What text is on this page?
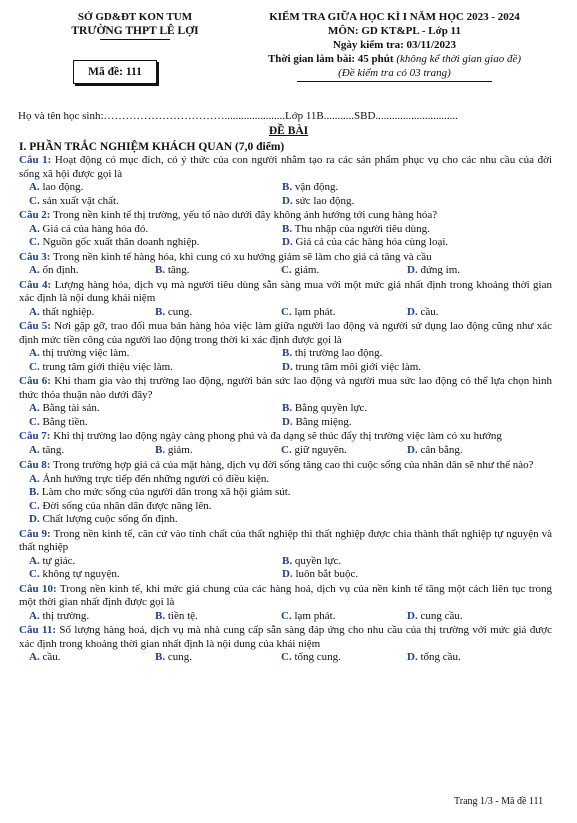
SỞ GD&ĐT KON TUM
TRƯỜNG THPT LÊ LỢI
Mã đề: 111
KIỂM TRA GIỮA HỌC KÌ I NĂM HỌC 2023 - 2024
MÔN: GD KT&PL - Lớp 11
Ngày kiểm tra: 03/11/2023
Thời gian làm bài: 45 phút (không kể thời gian giao đề)
(Đề kiểm tra có 03 trang)
Họ và tên học sinh:……………………………......................Lớp 11B...........SBD..............................
ĐỀ BÀI
I. PHẦN TRẮC NGHIỆM KHÁCH QUAN (7,0 điểm)
Câu 1: Hoạt động có mục đích, có ý thức của con người nhằm tạo ra các sản phẩm phục vụ cho các nhu cầu của đời sống xã hội được gọi là
A. lao động.	B. vận động.
C. sản xuất vật chất.	D. sức lao động.
Câu 2: Trong nền kinh tế thị trường, yếu tố nào dưới đây không ảnh hưởng tới cung hàng hóa?
A. Giá cả của hàng hóa đó.	B. Thu nhập của người tiêu dùng.
C. Nguồn gốc xuất thân doanh nghiệp.	D. Giá cả của các hàng hóa cùng loại.
Câu 3: Trong nền kinh tế hàng hóa, khi cung có xu hướng giảm sẽ làm cho giá cả tăng và cầu
A. ổn định.	B. tăng.	C. giảm.	D. đứng im.
Câu 4: Lượng hàng hóa, dịch vụ mà người tiêu dùng sẵn sàng mua với một mức giá nhất định trong khoảng thời gian xác định là nội dung khái niệm
A. thất nghiệp.	B. cung.	C. lạm phát.	D. cầu.
Câu 5: Nơi gặp gỡ, trao đổi mua bán hàng hóa việc làm giữa người lao động và người sử dụng lao động cũng như xác định mức tiền công của người lao động trong thời kì xác định được gọi là
A. thị trường việc làm.	B. thị trường lao động.
C. trung tâm giới thiệu việc làm.	D. trung tâm môi giới việc làm.
Câu 6: Khi tham gia vào thị trường lao động, người bán sức lao động và người mua sức lao động có thể lựa chọn hình thức thỏa thuận nào dưới đây?
A. Bằng tài sản.	B. Bằng quyền lực.
C. Bằng tiền.	D. Bằng miệng.
Câu 7: Khi thị trường lao động ngày càng phong phú và đa dạng sẽ thúc đẩy thị trường việc làm có xu hướng
A. tăng.	B. giảm.	C. giữ nguyên.	D. cân bằng.
Câu 8: Trong trường hợp giá cả của mặt hàng, dịch vụ đời sống tăng cao thì cuộc sống của nhân dân sẽ như thế nào?
A. Ảnh hưởng trực tiếp đến những người có điều kiện.
B. Làm cho mức sống của người dân trong xã hội giảm sút.
C. Đời sống của nhân dân được nâng lên.
D. Chất lượng cuộc sống ổn định.
Câu 9: Trong nền kinh tế, căn cứ vào tính chất của thất nghiệp thì thất nghiệp được chia thành thất nghiệp tự nguyện và thất nghiệp
A. tự giác.	B. quyền lực.
C. không tự nguyện.	D. luôn bắt buộc.
Câu 10: Trong nền kinh tế, khi mức giá chung của các hàng hoá, dịch vụ của nền kinh tế tăng một cách liên tục trong một thời gian nhất định được gọi là
A. thị trường.	B. tiền tệ.	C. lạm phát.	D. cung cầu.
Câu 11: Số lượng hàng hoá, dịch vụ mà nhà cung cấp sẵn sàng đáp ứng cho nhu cầu của thị trường với mức giá được xác định trong khoảng thời gian nhất định là nội dung của khái niệm
A. cầu.	B. cung.	C. tổng cung.	D. tổng cầu.
Trang 1/3 - Mã đề 111
